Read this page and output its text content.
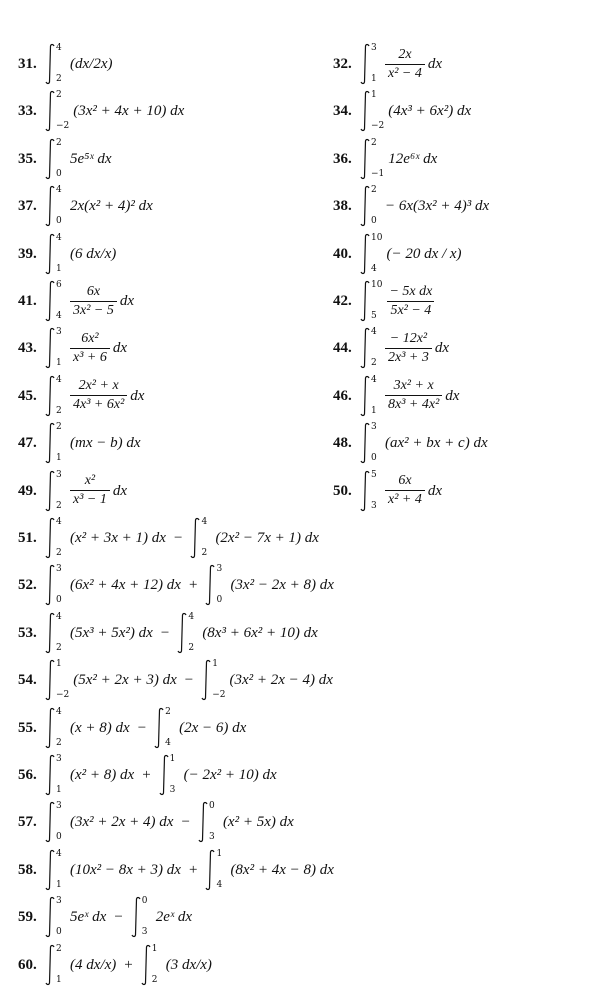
31.
4
2
(dx/2x)	32.
3
$1 \frac{2x}{\text{x² − 4}}$ dx
33.
2
−2
(3x² + 4x + 10) dx	34.
1
−2
(4x³ + 6x²) dx
35.
2
0
5e⁵ˣ dx	36.
2
−1
12e⁶ˣ dx
37.
4
0
2x(x² + 4)² dx	38.
2
0
− 6x(3x² + 4)³ dx
39.
4
1
(6 dx/x)	40.
10
4
(− 20 dx / x)
41.
6
$4 \frac{6x}{\text{3x² − 5}}$ dx	42.
10
$5 \frac{\text{− 5x dx}}{\text{5x² − 4}}$
43.
3
$1 \frac{\text{6x²}}{\text{x³ + 6}}$ dx	44.
4
$2 \frac{\text{− 12x²}}{\text{2x³ + 3}}$ dx
45.
4
$2 \frac{\text{2x² + x}}{\text{4x³ + 6x²}}$ dx	46.
4
$1 \frac{\text{3x² + x}}{\text{8x³ + 4x²}}$ dx
47.
2
1
(mx − b) dx	48.
3
0
(ax² + bx + c) dx
49.
3
$2 \frac{\text{x²}}{\text{x³ − 1}}$ dx	50.
5
$3 \frac{6x}{\text{x² + 4}}$ dx
51.
4
2
(x² + 3x + 1) dx −
4
2
(2x² − 7x + 1) dx
52.
3
0
(6x² + 4x + 12) dx +
3
0
(3x² − 2x + 8) dx
53.
4
2
(5x³ + 5x²) dx −
4
2
(8x³ + 6x² + 10) dx
54.
1
−2
(5x² + 2x + 3) dx −
1
−2
(3x² + 2x − 4) dx
55.
4
2
(x + 8) dx −
2
4
(2x − 6) dx
56.
3
1
(x² + 8) dx +
1
3
(− 2x² + 10) dx
57.
3
0
(3x² + 2x + 4) dx −
0
3
(x² + 5x) dx
58.
4
1
(10x² − 8x + 3) dx +
1
4
(8x² + 4x − 8) dx
59.
3
0
5eˣ dx −
0
3
2eˣ dx
60.
2
1
(4 dx/x) +
1
2
(3 dx/x)
